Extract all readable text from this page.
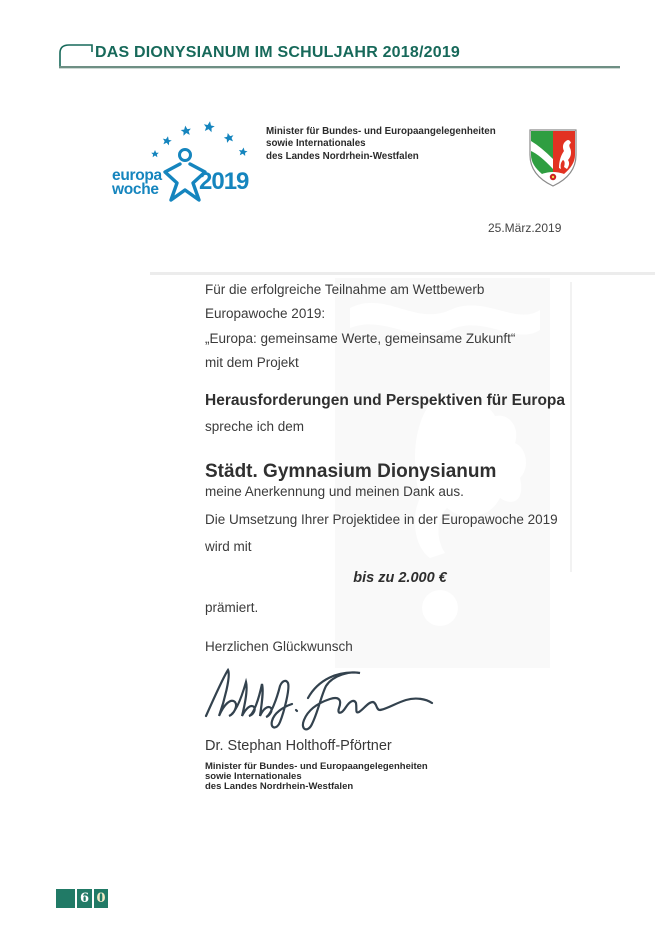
DAS DIONYSIANUM IM SCHULJAHR 2018/2019
europa
woche 2019
Minister für Bundes- und Europaangelegenheiten
sowie Internationales
des Landes Nordrhein-Westfalen
25.März.2019
Für die erfolgreiche Teilnahme am Wettbewerb
Europawoche 2019:
„Europa: gemeinsame Werte, gemeinsame Zukunft“
mit dem Projekt
Herausforderungen und Perspektiven für Europa
spreche ich dem
Städt. Gymnasium Dionysianum
meine Anerkennung und meinen Dank aus.
Die Umsetzung Ihrer Projektidee in der Europawoche 2019
wird mit
bis zu 2.000 €
prämiert.
Herzlichen Glückwunsch
Dr. Stephan Holthoff-Pförtner
Minister für Bundes- und Europaangelegenheiten
sowie Internationales
des Landes Nordrhein-Westfalen
6 0
